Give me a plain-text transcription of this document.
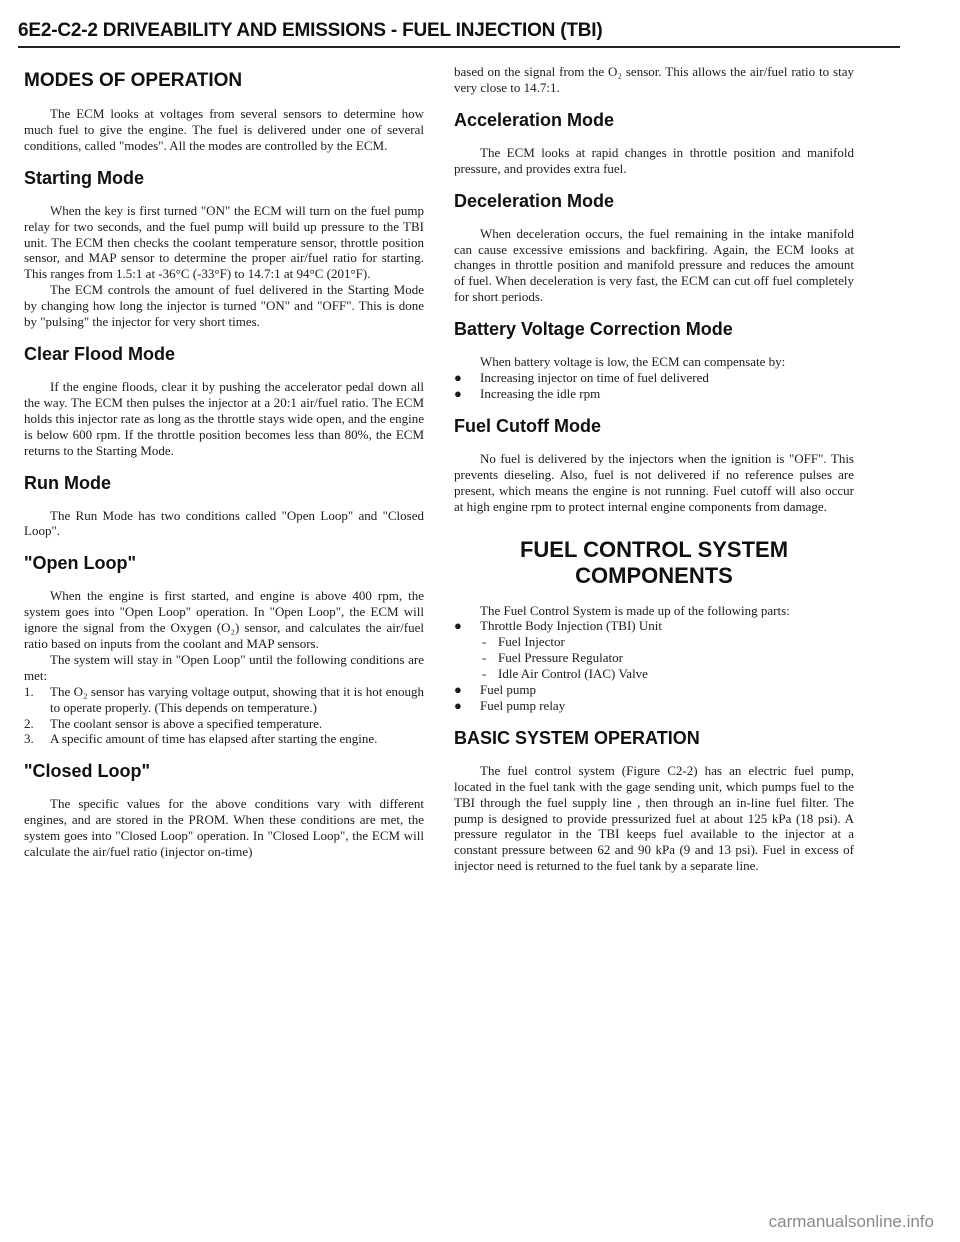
6E2-C2-2 DRIVEABILITY AND EMISSIONS - FUEL INJECTION (TBI)
MODES OF OPERATION

The ECM looks at voltages from several sensors to determine how much fuel to give the engine. The fuel is delivered under one of several conditions, called "modes". All the modes are controlled by the ECM.

Starting Mode

When the key is first turned "ON" the ECM will turn on the fuel pump relay for two seconds, and the fuel pump will build up pressure to the TBI unit. The ECM then checks the coolant temperature sensor, throttle position sensor, and MAP sensor to determine the proper air/fuel ratio for starting. This ranges from 1.5:1 at -36°C (-33°F) to 14.7:1 at 94°C (201°F).

The ECM controls the amount of fuel delivered in the Starting Mode by changing how long the injector is turned "ON" and "OFF". This is done by "pulsing" the injector for very short times.

Clear Flood Mode

If the engine floods, clear it by pushing the accelerator pedal down all the way. The ECM then pulses the injector at a 20:1 air/fuel ratio. The ECM holds this injector rate as long as the throttle stays wide open, and the engine is below 600 rpm. If the throttle position becomes less than 80%, the ECM returns to the Starting Mode.

Run Mode

The Run Mode has two conditions called "Open Loop" and "Closed Loop".

"Open Loop"

When the engine is first started, and engine is above 400 rpm, the system goes into "Open Loop" operation. In "Open Loop", the ECM will ignore the signal from the Oxygen (O₂) sensor, and calculates the air/fuel ratio based on inputs from the coolant and MAP sensors.

The system will stay in "Open Loop" until the following conditions are met:

1.	The O₂ sensor has varying voltage output, showing that it is hot enough to operate properly. (This depends on temperature.)
2.	The coolant sensor is above a specified temperature.
3.	A specific amount of time has elapsed after starting the engine.
"Closed Loop"

The specific values for the above conditions vary with different engines, and are stored in the PROM. When these conditions are met, the system goes into "Closed Loop" operation. In "Closed Loop", the ECM will calculate the air/fuel ratio (injector on-time)

based on the signal from the O₂ sensor. This allows the air/fuel ratio to stay very close to 14.7:1.

Acceleration Mode

The ECM looks at rapid changes in throttle position and manifold pressure, and provides extra fuel.

Deceleration Mode

When deceleration occurs, the fuel remaining in the intake manifold can cause excessive emissions and backfiring. Again, the ECM looks at changes in throttle position and manifold pressure and reduces the amount of fuel. When deceleration is very fast, the ECM can cut off fuel completely for short periods.

Battery Voltage Correction Mode

When battery voltage is low, the ECM can compensate by:

●	Increasing injector on time of fuel delivered
●	Increasing the idle rpm
Fuel Cutoff Mode

No fuel is delivered by the injectors when the ignition is "OFF". This prevents dieseling. Also, fuel is not delivered if no reference pulses are present, which means the engine is not running. Fuel cutoff will also occur at high engine rpm to protect internal engine components from damage.

FUEL CONTROL SYSTEM
COMPONENTS

The Fuel Control System is made up of the following parts:

●	Throttle Body Injection (TBI) Unit
- Fuel Injector
- Fuel Pressure Regulator
- Idle Air Control (IAC) Valve
●	Fuel pump
●	Fuel pump relay
BASIC SYSTEM OPERATION

The fuel control system (Figure C2-2) has an electric fuel pump, located in the fuel tank with the gage sending unit, which pumps fuel to the TBI through the fuel supply line , then through an in-line fuel filter. The pump is designed to provide pressurized fuel at about 125 kPa (18 psi). A pressure regulator in the TBI keeps fuel available to the injector at a constant pressure between 62 and 90 kPa (9 and 13 psi). Fuel in excess of injector need is returned to the fuel tank by a separate line.

carmanualsonline.info
